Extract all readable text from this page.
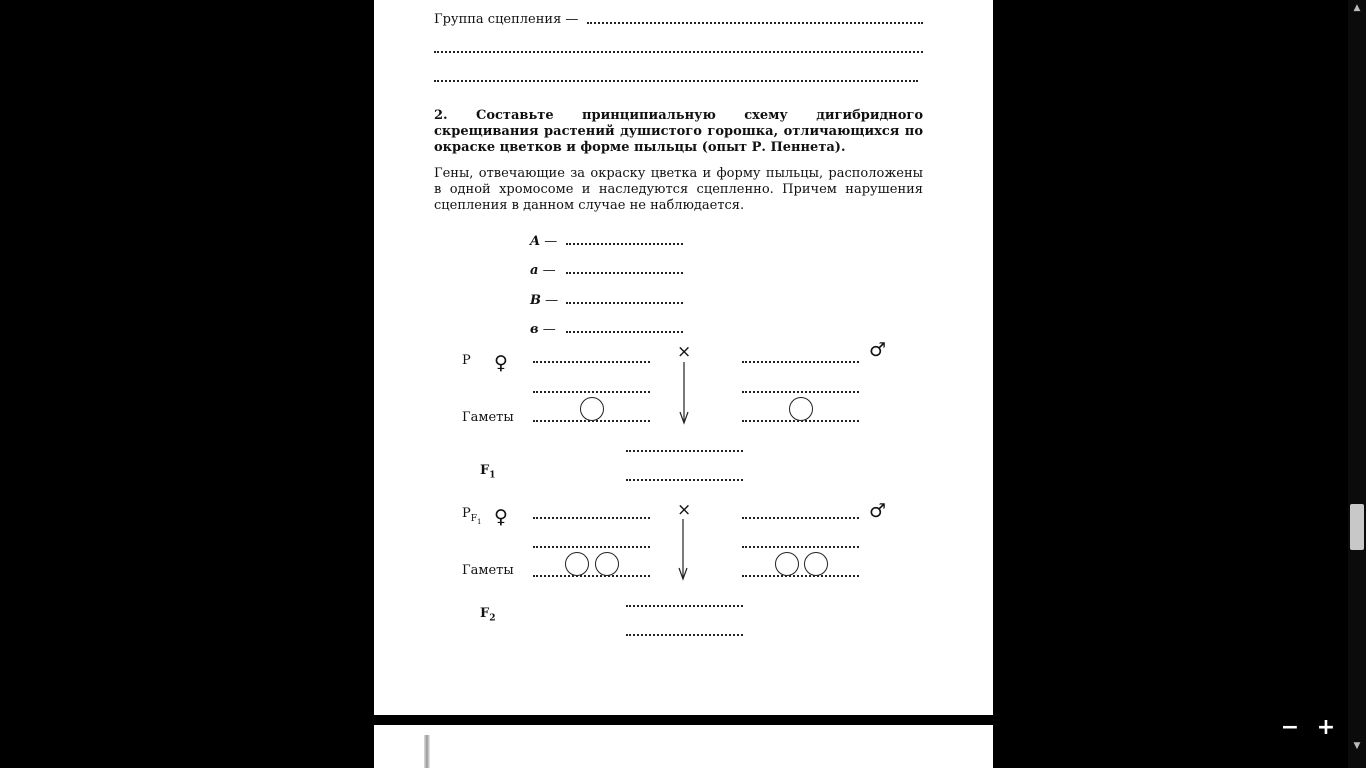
Группа сцепления —
2. Составьте принципиальную схему дигибридного скрещивания растений душистого горошка, отличающихся по окраске цветков и форме пыльцы (опыт Р. Пеннета).
Гены, отвечающие за окраску цветка и форму пыльцы, расположены в одной хромосоме и наследуются сцепленно. Причем нарушения сцепления в данном случае не наблюдается.
A —
a —
B —
в —
P ♀	×	♂
Гаметы
$F_1$
$P_{F_1}$ ♀	×	♂
Гаметы
$F_2$
▲
▼
− +
